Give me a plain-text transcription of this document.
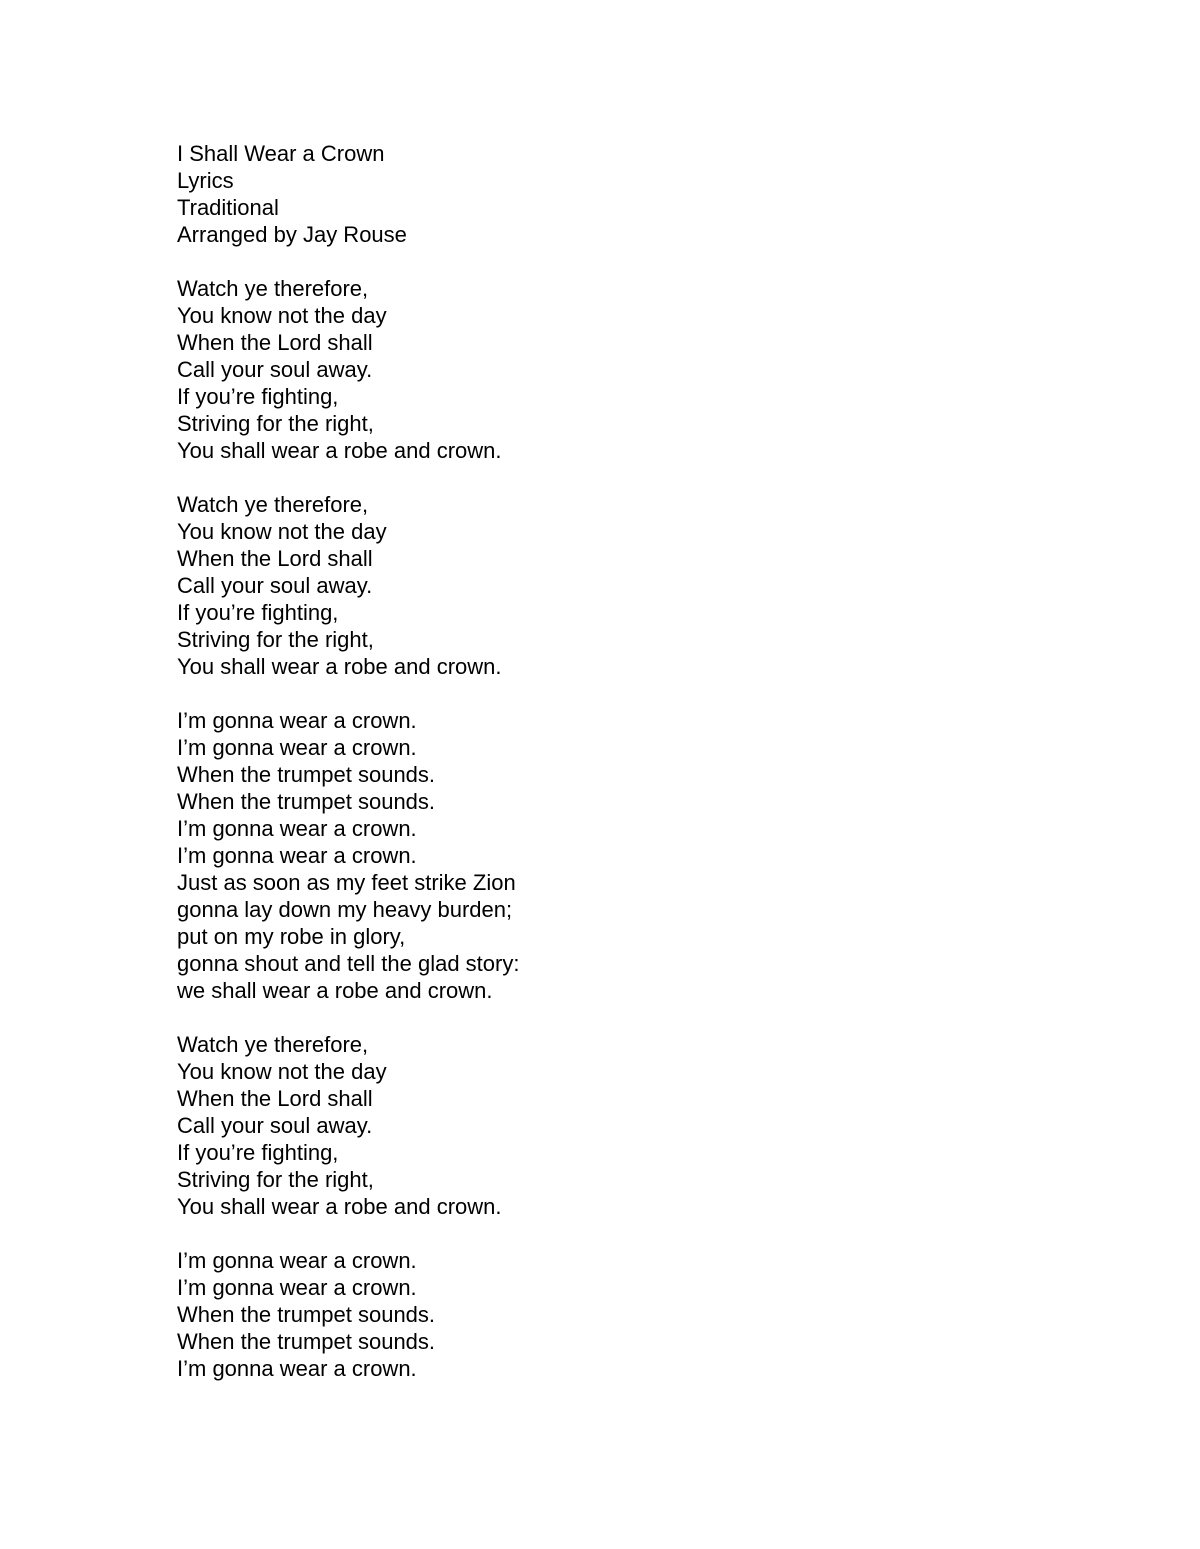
I Shall Wear a Crown
Lyrics
Traditional
Arranged by Jay Rouse
Watch ye therefore,
You know not the day
When the Lord shall
Call your soul away.
If you’re fighting,
Striving for the right,
You shall wear a robe and crown.
Watch ye therefore,
You know not the day
When the Lord shall
Call your soul away.
If you’re fighting,
Striving for the right,
You shall wear a robe and crown.
I’m gonna wear a crown.
I’m gonna wear a crown.
When the trumpet sounds.
When the trumpet sounds.
I’m gonna wear a crown.
I’m gonna wear a crown.
Just as soon as my feet strike Zion
gonna lay down my heavy burden;
put on my robe in glory,
gonna shout and tell the glad story:
we shall wear a robe and crown.
Watch ye therefore,
You know not the day
When the Lord shall
Call your soul away.
If you’re fighting,
Striving for the right,
You shall wear a robe and crown.
I’m gonna wear a crown.
I’m gonna wear a crown.
When the trumpet sounds.
When the trumpet sounds.
I’m gonna wear a crown.
